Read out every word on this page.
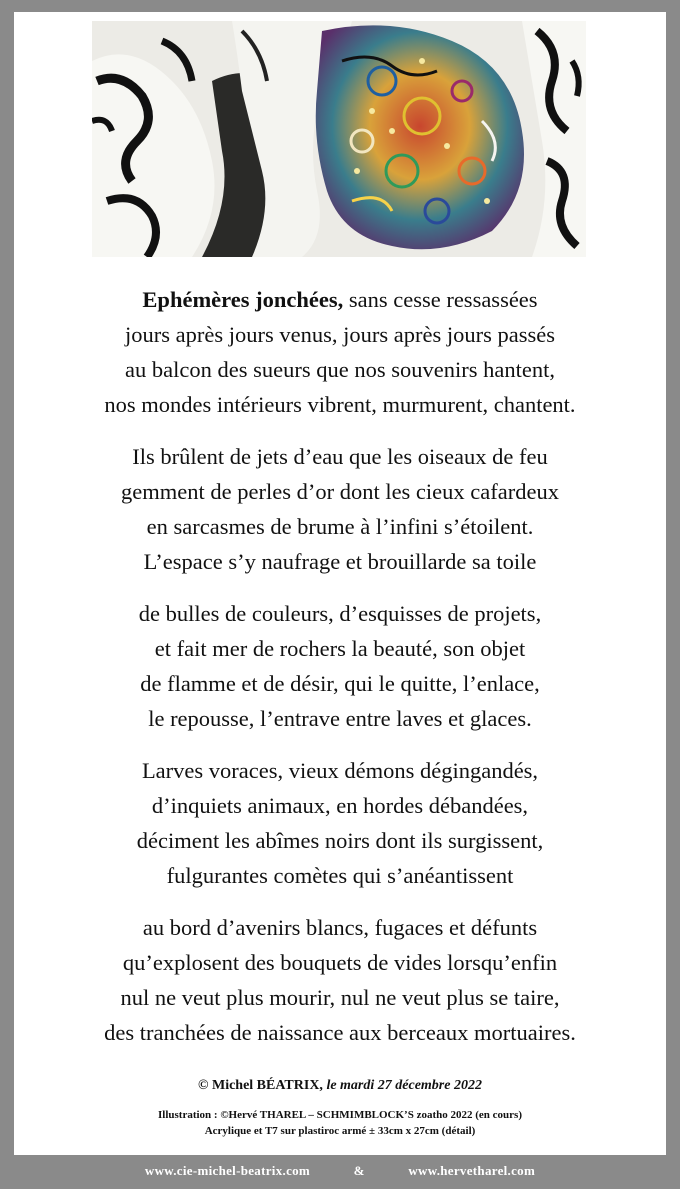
Ephémères jonchées, sans cesse ressassées
jours après jours venus, jours après jours passés
au balcon des sueurs que nos souvenirs hantent,
nos mondes intérieurs vibrent, murmurent, chantent.

Ils brûlent de jets d’eau que les oiseaux de feu
gemment de perles d’or dont les cieux cafardeux
en sarcasmes de brume à l’infini s’étoilent.
L’espace s’y naufrage et brouillarde sa toile

de bulles de couleurs, d’esquisses de projets,
et fait mer de rochers la beauté, son objet
de flamme et de désir, qui le quitte, l’enlace,
le repousse, l’entrave entre laves et glaces.

Larves voraces, vieux démons dégingandés,
d’inquiets animaux, en hordes débandées,
déciment les abîmes noirs dont ils surgissent,
fulgurantes comètes qui s’anéantissent

au bord d’avenirs blancs, fugaces et défunts
qu’explosent des bouquets de vides lorsqu’enfin
nul ne veut plus mourir, nul ne veut plus se taire,
des tranchées de naissance aux berceaux mortuaires.

© Michel BÉATRIX, le mardi 27 décembre 2022
Illustration : ©Hervé THAREL – SCHMIMBLOCK’S zoatho 2022 (en cours)
Acrylique et T7 sur plastiroc armé ± 33cm x 27cm (détail)
www.cie-michel-beatrix.com	&	www.hervetharel.com
